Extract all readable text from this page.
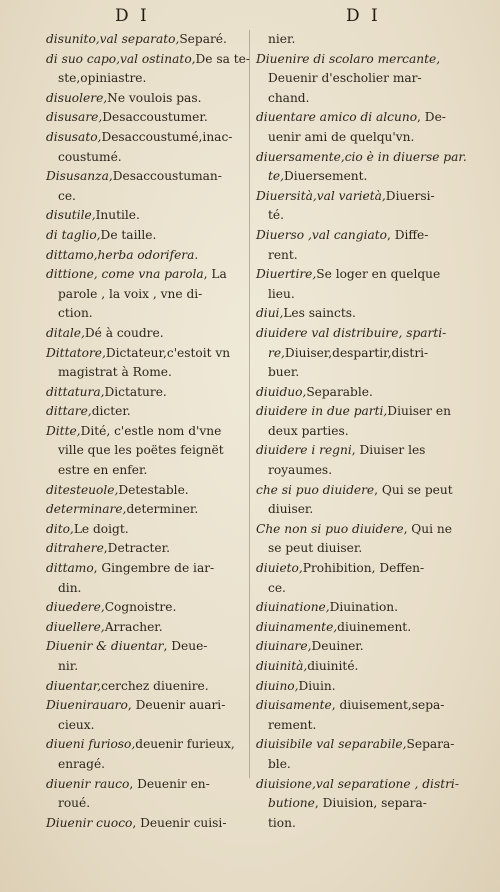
D I	D I
disunito,val separato,Separé.
di suo capo,val ostinato,De sa te-
ste,opiniastre.
disuolere,Ne voulois pas.
disusare,Desaccoustumer.
disusato,Desaccoustumé,inac-
coustumé.
Disusanza,Desaccoustuman-
ce.
disutile,Inutile.
di taglio,De taille.
dittamo,herba odorifera.
dittione, come vna parola, La
parole , la voix , vne di-
ction.
ditale,Dé à coudre.
Dittatore,Dictateur,c'estoit vn
magistrat à Rome.
dittatura,Dictature.
dittare,dicter.
Ditte,Dité, c'estle nom d'vne
ville que les poëtes feignët
estre en enfer.
ditesteuole,Detestable.
determinare,determiner.
dito,Le doigt.
ditrahere,Detracter.
dittamo, Gingembre de iar-
din.
diuedere,Cognoistre.
diuellere,Arracher.
Diuenir & diuentar, Deue-
nir.
diuentar,cerchez diuenire.
Diuenirauaro, Deuenir auari-
cieux.
diueni furioso,deuenir furieux,
enragé.
diuenir rauco, Deuenir en-
roué.
Diuenir cuoco, Deuenir cuisi-
nier.
Diuenire di scolaro mercante,
Deuenir d'escholier mar-
chand.
diuentare amico di alcuno, De-
uenir ami de quelqu'vn.
diuersamente,cio è in diuerse par.
te,Diuersement.
Diuersità,val varietà,Diuersi-
té.
Diuerso ,val cangiato, Diffe-
rent.
Diuertire,Se loger en quelque
lieu.
diui,Les saincts.
diuidere val distribuire, sparti-
re,Diuiser,despartir,distri-
buer.
diuiduo,Separable.
diuidere in due parti,Diuiser en
deux parties.
diuidere i regni, Diuiser les
royaumes.
che si puo diuidere, Qui se peut
diuiser.
Che non si puo diuidere, Qui ne
se peut diuiser.
diuieto,Prohibition, Deffen-
ce.
diuinatione,Diuination.
diuinamente,diuinement.
diuinare,Deuiner.
diuinità,diuinité.
diuino,Diuin.
diuisamente, diuisement,sepa-
rement.
diuisibile val separabile,Separa-
ble.
diuisione,val separatione , distri-
butione, Diuision, separa-
tion.
